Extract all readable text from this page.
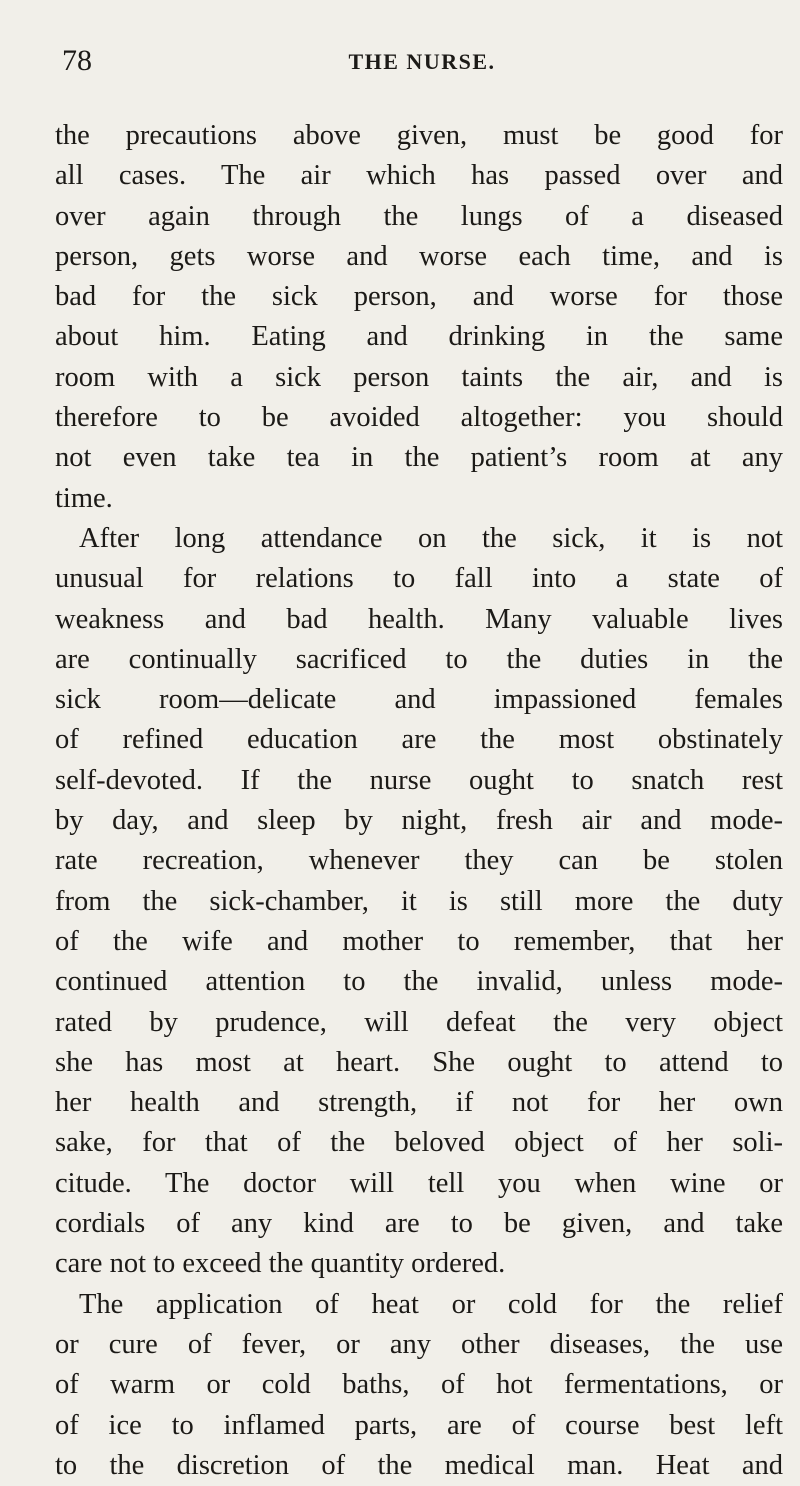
78	THE NURSE.
the precautions above given, must be good for
all cases. The air which has passed over and
over again through the lungs of a diseased
person, gets worse and worse each time, and is
bad for the sick person, and worse for those
about him. Eating and drinking in the same
room with a sick person taints the air, and is
therefore to be avoided altogether: you should
not even take tea in the patient’s room at any
time.
After long attendance on the sick, it is not
unusual for relations to fall into a state of
weakness and bad health. Many valuable lives
are continually sacrificed to the duties in the
sick room—delicate and impassioned females
of refined education are the most obstinately
self-devoted. If the nurse ought to snatch rest
by day, and sleep by night, fresh air and mode-
rate recreation, whenever they can be stolen
from the sick-chamber, it is still more the duty
of the wife and mother to remember, that her
continued attention to the invalid, unless mode-
rated by prudence, will defeat the very object
she has most at heart. She ought to attend to
her health and strength, if not for her own
sake, for that of the beloved object of her soli-
citude. The doctor will tell you when wine or
cordials of any kind are to be given, and take
care not to exceed the quantity ordered.
The application of heat or cold for the relief
or cure of fever, or any other diseases, the use
of warm or cold baths, of hot fermentations, or
of ice to inflamed parts, are of course best left
to the discretion of the medical man. Heat and
